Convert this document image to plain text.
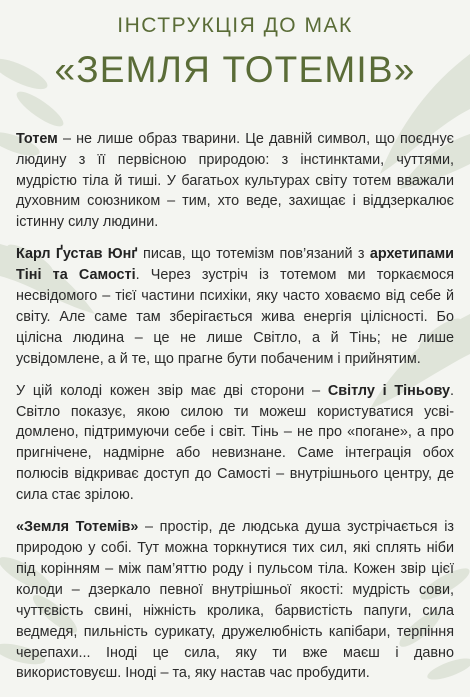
ІНСТРУКЦІЯ ДО МАК
«ЗЕМЛЯ ТОТЕМІВ»

Тотем – не лише образ тварини. Це давній символ, що поєднує людину з її первісною природою: з інстинктами, чуттями, мудрістю тіла й тиші. У багатьох культурах світу тотем вважали духовним союзником – тим, хто веде, захищає і віддзеркалює істинну силу людини.

Карл Ґустав Юнґ писав, що тотемізм пов’язаний з архетипами Тіні та Самості. Через зустріч із тотемом ми торкаємося несвідомого – тієї частини психіки, яку часто ховаємо від себе й світу. Але саме там зберігається жива енергія цілісності. Бо цілісна людина – це не лише Світло, а й Тінь; не лише усвідомлене, а й те, що прагне бути побаченим і прийнятим.

У цій колоді кожен звір має дві сторони – Світлу і Тіньову. Світло показує, якою силою ти можеш користуватися усвідомлено, підтримуючи себе і світ. Тінь – не про «погане», а про пригнічене, надмірне або невизнане. Саме інтеграція обох полюсів відкриває доступ до Самості – внутрішнього центру, де сила стає зрілою.

«Земля Тотемів» – простір, де людська душа зустрічається із природою у собі. Тут можна торкнутися тих сил, які сплять ніби під корінням – між пам’яттю роду і пульсом тіла. Кожен звір цієї колоди – дзеркало певної внутрішньої якості: мудрість сови, чуттєвість свині, ніжність кролика, барвистість папуги, сила ведмедя, пильність сурикату, дружелюбність капібари, терпіння черепахи... Іноді це сила, яку ти вже маєш і давно використовуєш. Іноді – та, яку настав час пробудити.
